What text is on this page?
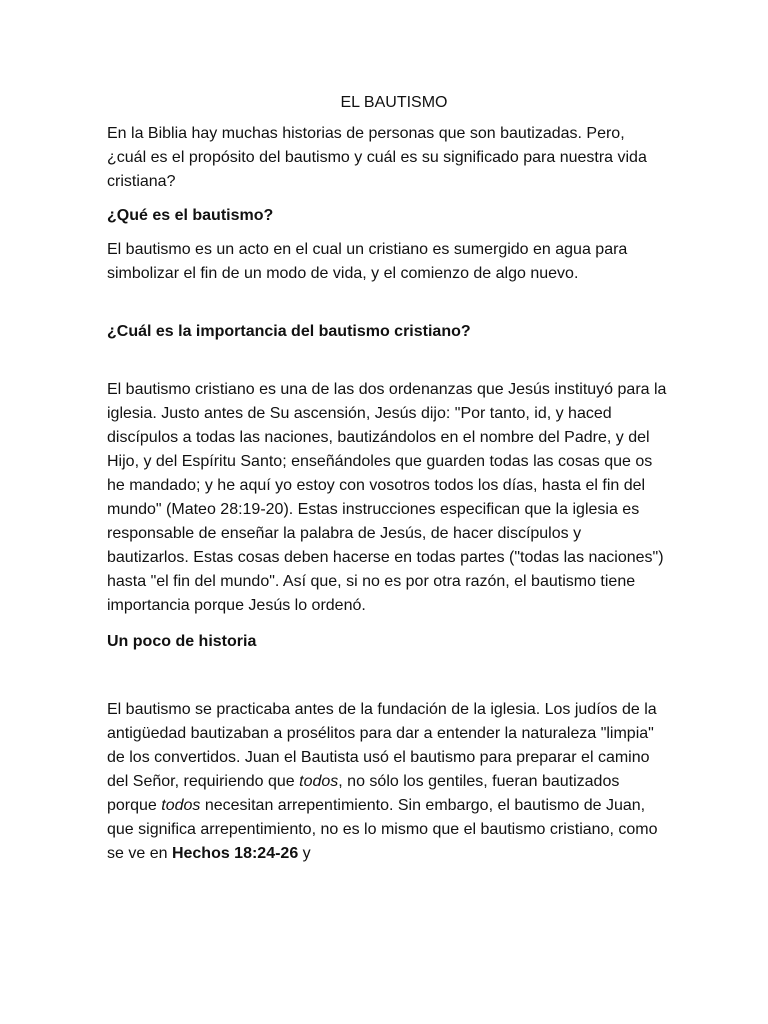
EL BAUTISMO

En la Biblia hay muchas historias de personas que son bautizadas. Pero, ¿cuál es el propósito del bautismo y cuál es su significado para nuestra vida cristiana?

¿Qué es el bautismo?

El bautismo es un acto en el cual un cristiano es sumergido en agua para simbolizar el fin de un modo de vida, y el comienzo de algo nuevo.

¿Cuál es la importancia del bautismo cristiano?

El bautismo cristiano es una de las dos ordenanzas que Jesús instituyó para la iglesia. Justo antes de Su ascensión, Jesús dijo: "Por tanto, id, y haced discípulos a todas las naciones, bautizándolos en el nombre del Padre, y del Hijo, y del Espíritu Santo; enseñándoles que guarden todas las cosas que os he mandado; y he aquí yo estoy con vosotros todos los días, hasta el fin del mundo" (Mateo 28:19-20). Estas instrucciones especifican que la iglesia es responsable de enseñar la palabra de Jesús, de hacer discípulos y bautizarlos. Estas cosas deben hacerse en todas partes ("todas las naciones") hasta "el fin del mundo". Así que, si no es por otra razón, el bautismo tiene importancia porque Jesús lo ordenó.

Un poco de historia

El bautismo se practicaba antes de la fundación de la iglesia. Los judíos de la antigüedad bautizaban a prosélitos para dar a entender la naturaleza "limpia" de los convertidos. Juan el Bautista usó el bautismo para preparar el camino del Señor, requiriendo que todos, no sólo los gentiles, fueran bautizados porque todos necesitan arrepentimiento. Sin embargo, el bautismo de Juan, que significa arrepentimiento, no es lo mismo que el bautismo cristiano, como se ve en Hechos 18:24-26 y
